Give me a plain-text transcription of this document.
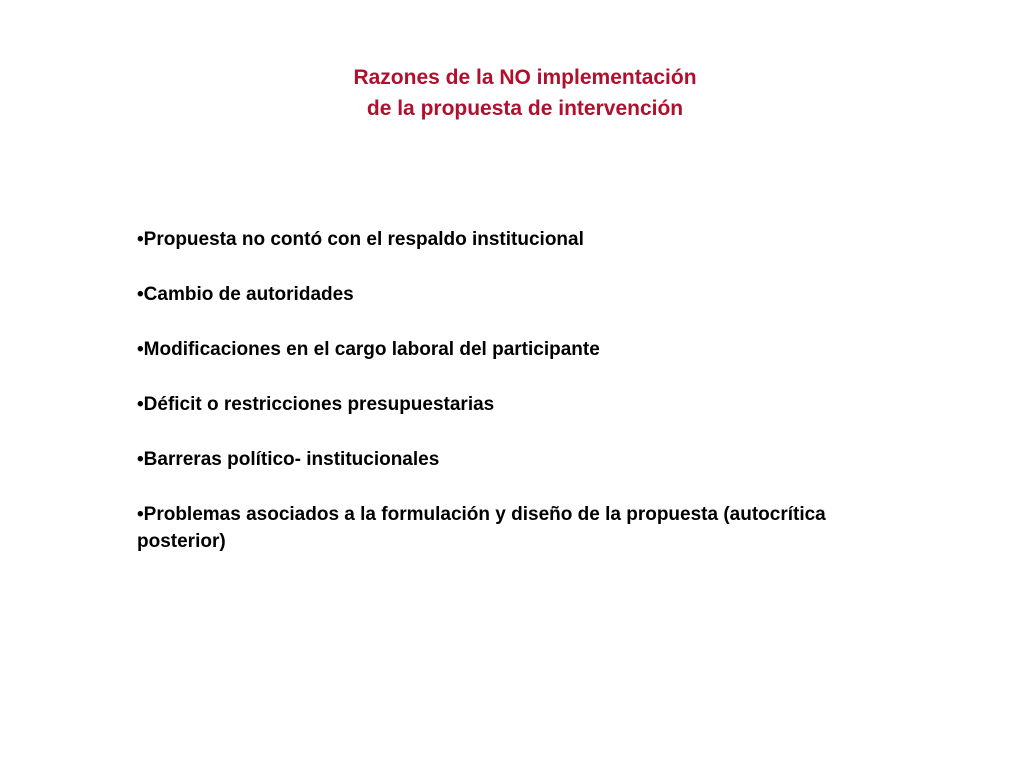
Razones de la NO implementación
de la propuesta de intervención
•Propuesta no contó con el respaldo institucional
•Cambio de autoridades
•Modificaciones en el cargo laboral del participante
•Déficit o restricciones presupuestarias
•Barreras político- institucionales
•Problemas asociados a la formulación y diseño de la propuesta (autocrítica posterior)
